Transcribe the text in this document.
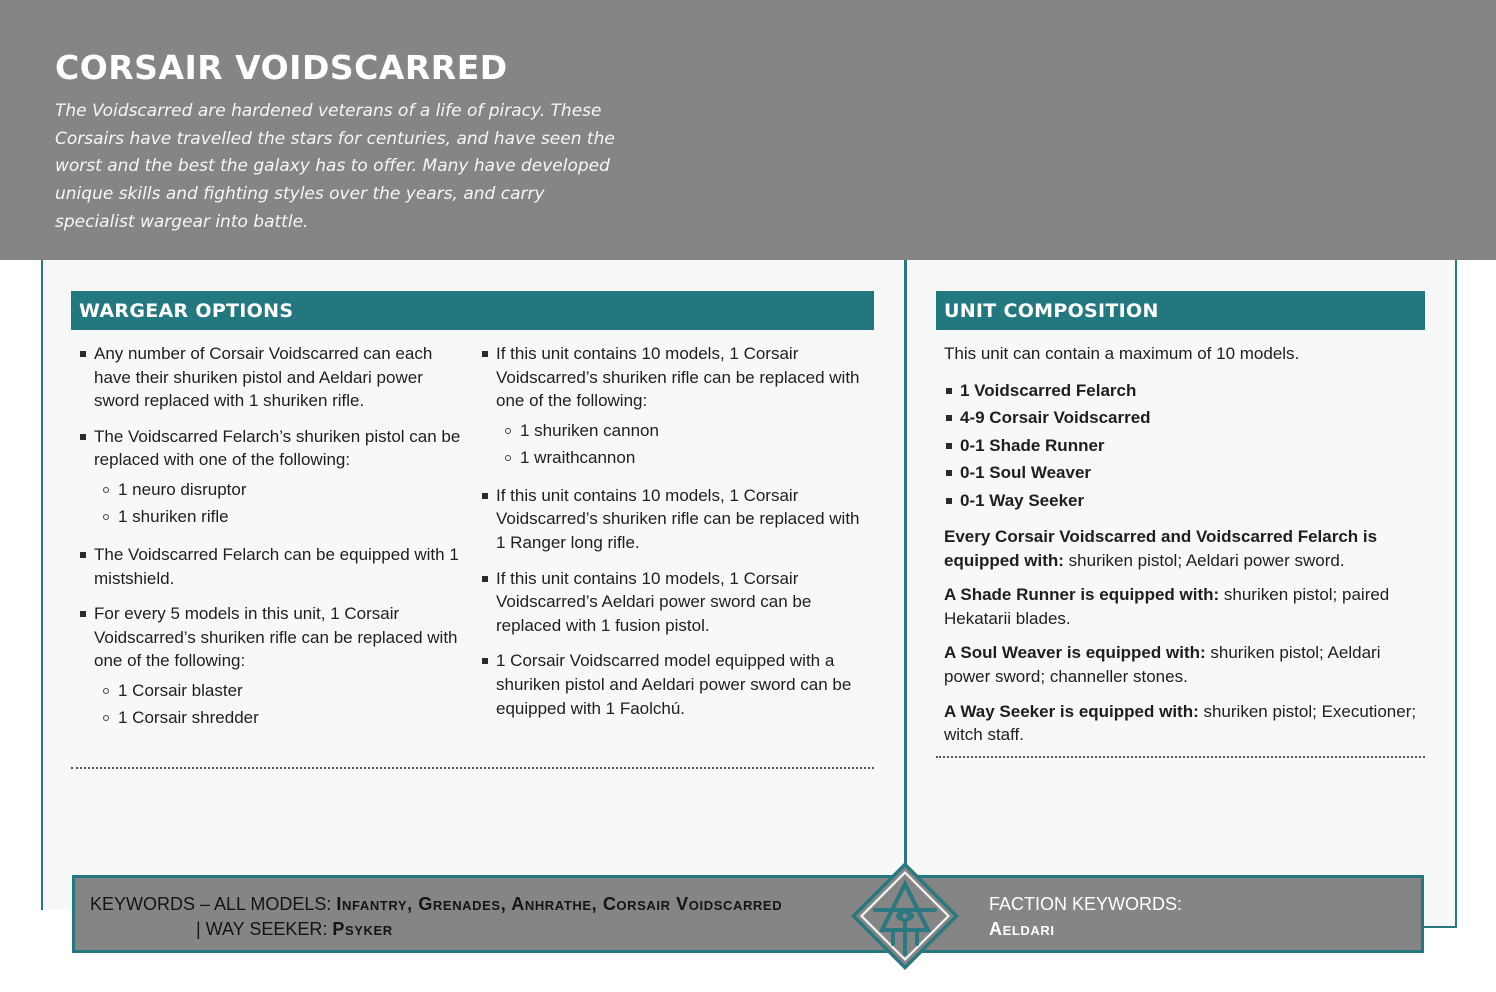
CORSAIR VOIDSCARRED
The Voidscarred are hardened veterans of a life of piracy. These Corsairs have travelled the stars for centuries, and have seen the worst and the best the galaxy has to offer. Many have developed unique skills and fighting styles over the years, and carry specialist wargear into battle.
WARGEAR OPTIONS
Any number of Corsair Voidscarred can each have their shuriken pistol and Aeldari power sword replaced with 1 shuriken rifle.
The Voidscarred Felarch’s shuriken pistol can be replaced with one of the following:
1 neuro disruptor
1 shuriken rifle
The Voidscarred Felarch can be equipped with 1 mistshield.
For every 5 models in this unit, 1 Corsair Voidscarred’s shuriken rifle can be replaced with one of the following:
1 Corsair blaster
1 Corsair shredder
If this unit contains 10 models, 1 Corsair Voidscarred’s shuriken rifle can be replaced with one of the following:
1 shuriken cannon
1 wraithcannon
If this unit contains 10 models, 1 Corsair Voidscarred’s shuriken rifle can be replaced with 1 Ranger long rifle.
If this unit contains 10 models, 1 Corsair Voidscarred’s Aeldari power sword can be replaced with 1 fusion pistol.
1 Corsair Voidscarred model equipped with a shuriken pistol and Aeldari power sword can be equipped with 1 Faolchú.
UNIT COMPOSITION

This unit can contain a maximum of 10 models.

1 Voidscarred Felarch
4-9 Corsair Voidscarred
0-1 Shade Runner
0-1 Soul Weaver
0-1 Way Seeker

Every Corsair Voidscarred and Voidscarred Felarch is equipped with: shuriken pistol; Aeldari power sword.

A Shade Runner is equipped with: shuriken pistol; paired Hekatarii blades.

A Soul Weaver is equipped with: shuriken pistol; Aeldari power sword; channeller stones.

A Way Seeker is equipped with: shuriken pistol; Executioner; witch staff.

KEYWORDS – ALL MODELS: Infantry, Grenades, Anhrathe, Corsair Voidscarred
| WAY SEEKER: Psyker
FACTION KEYWORDS:
Aeldari
